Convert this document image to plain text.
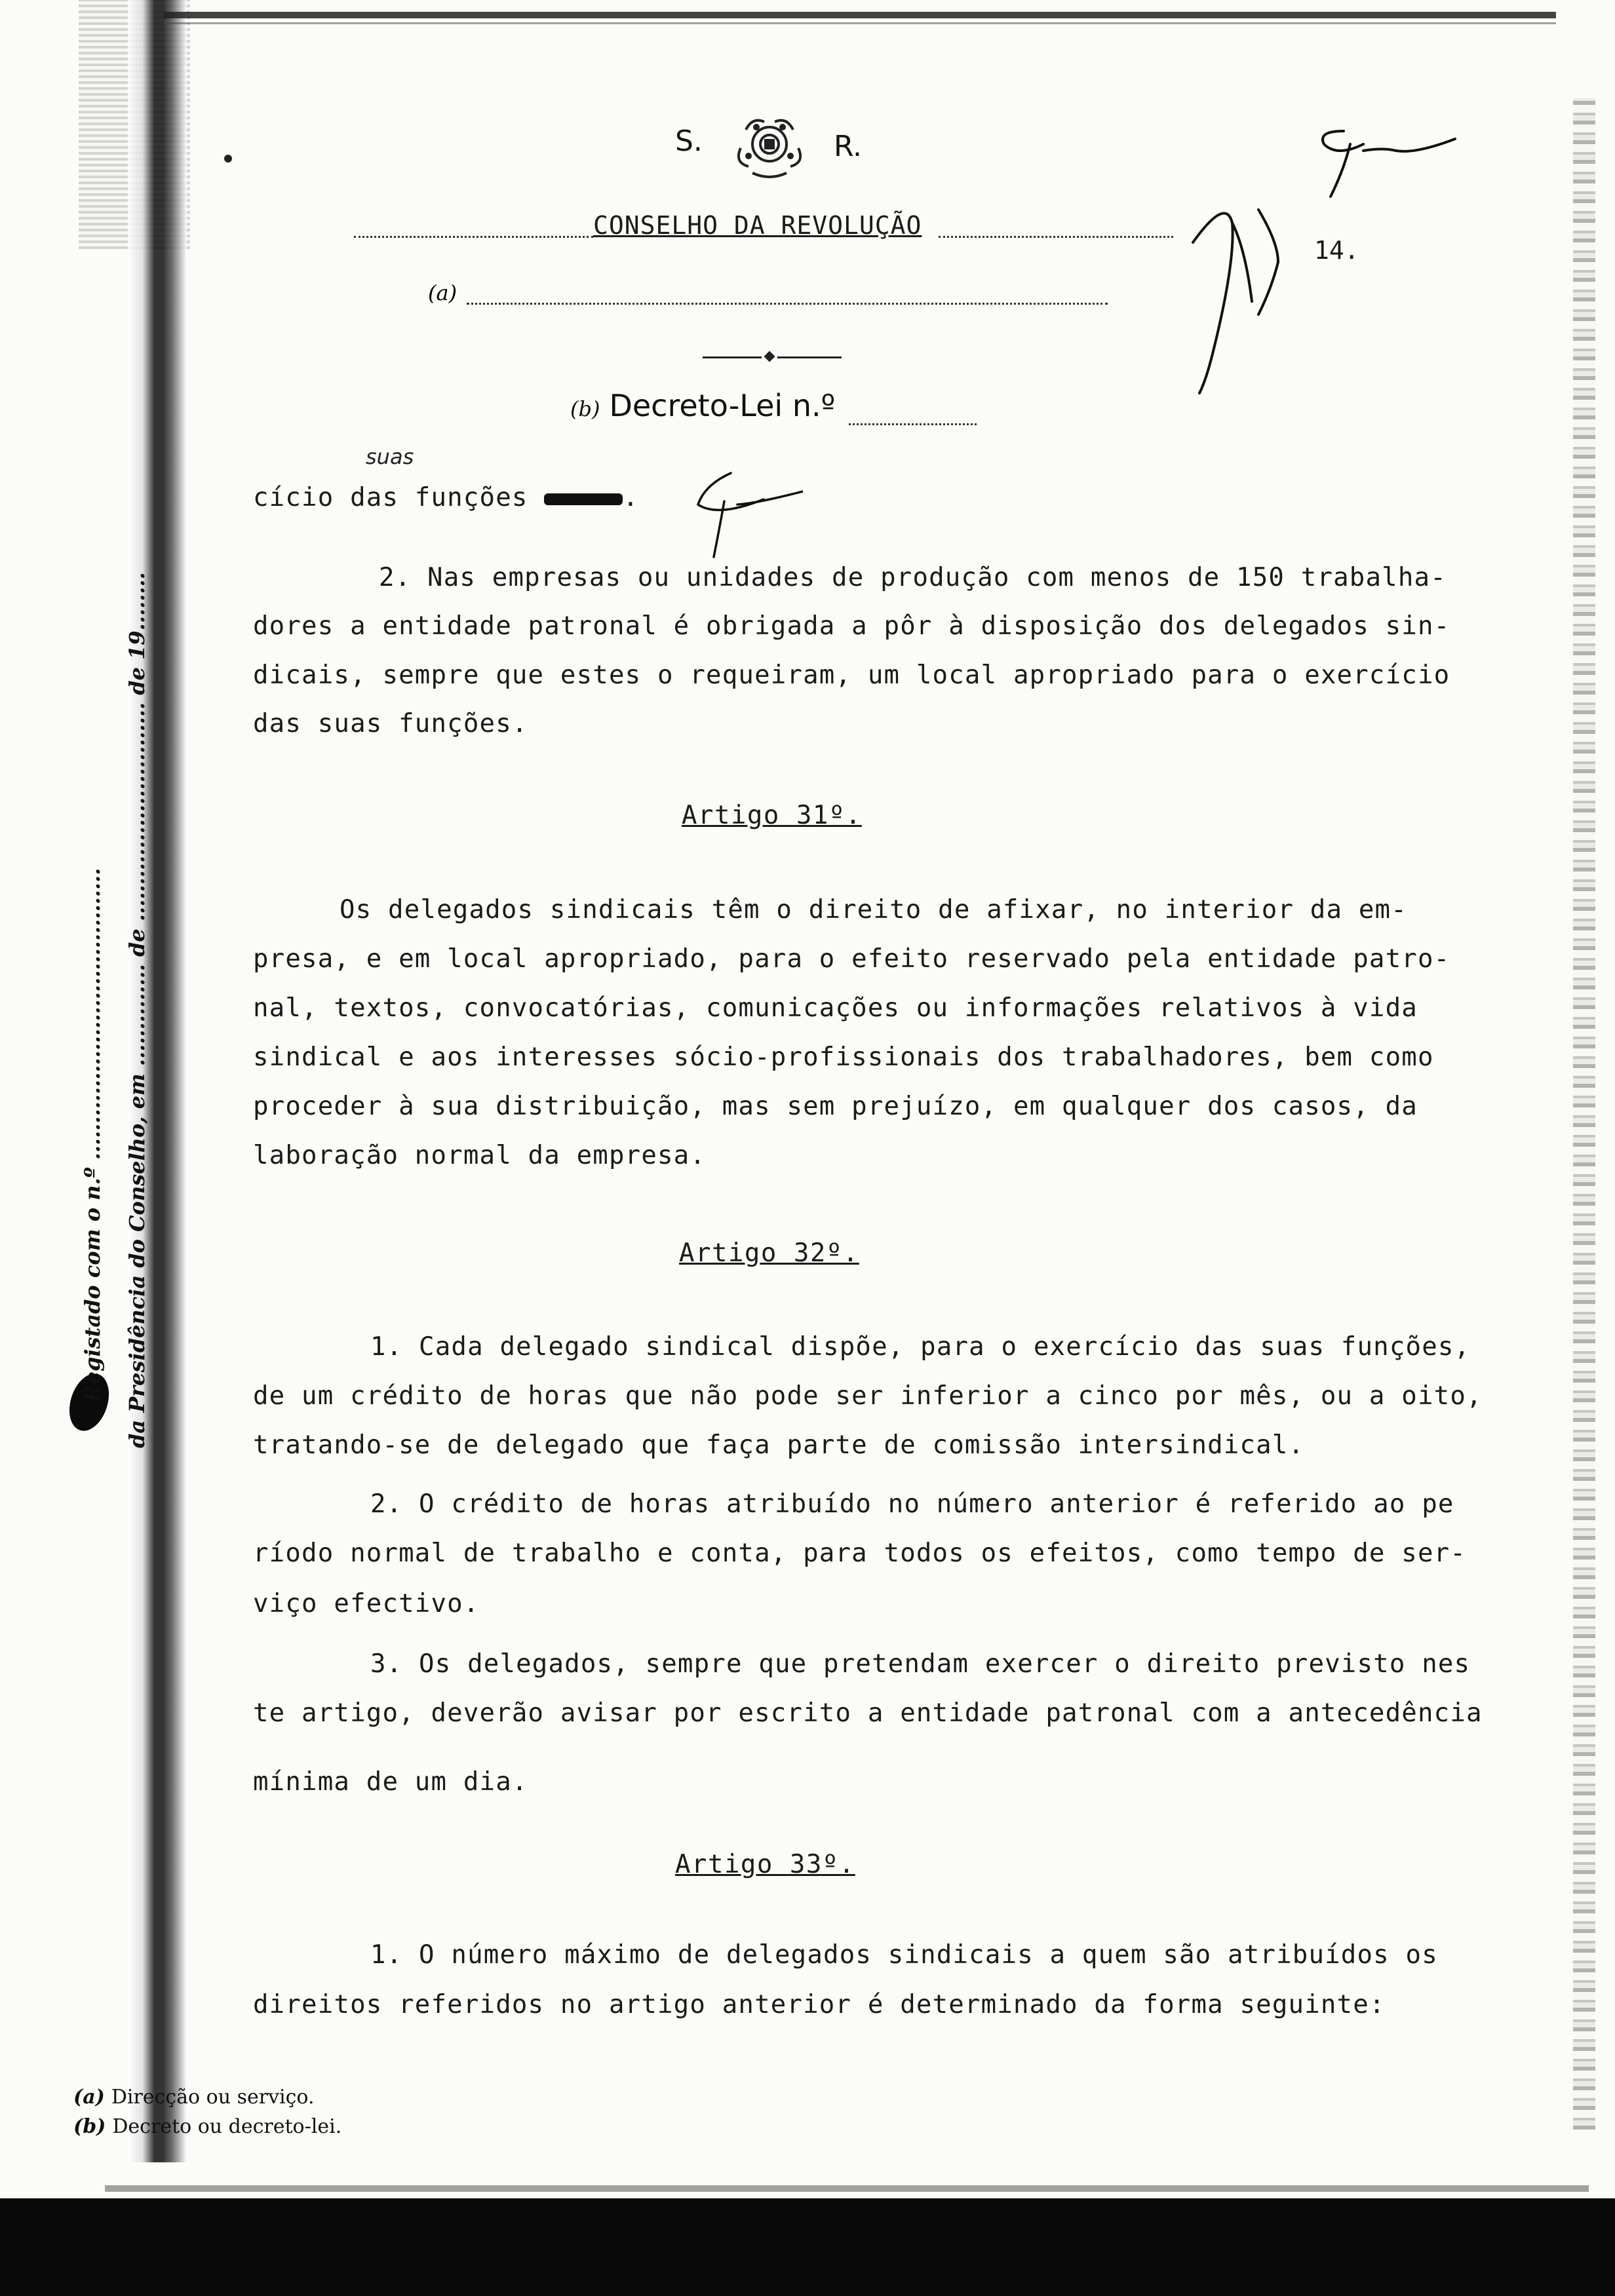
S.	R.
CONSELHO DA REVOLUÇÃO
(a)
(b) Decreto-Lei n.º
14.
suas
cício das funções	.
2. Nas empresas ou unidades de produção com menos de 150 trabalha-
dores a entidade patronal é obrigada a pôr à disposição dos delegados sin-
dicais, sempre que estes o requeiram, um local apropriado para o exercício
das suas funções.
Artigo 31º.
Os delegados sindicais têm o direito de afixar, no interior da em-
presa, e em local apropriado, para o efeito reservado pela entidade patro-
nal, textos, convocatórias, comunicações ou informações relativos à vida
sindical e aos interesses sócio-profissionais dos trabalhadores, bem como
proceder à sua distribuição, mas sem prejuízo, em qualquer dos casos, da
laboração normal da empresa.
Artigo 32º.
1. Cada delegado sindical dispõe, para o exercício das suas funções,
de um crédito de horas que não pode ser inferior a cinco por mês, ou a oito,
tratando-se de delegado que faça parte de comissão intersindical.
2. O crédito de horas atribuído no número anterior é referido ao pe
ríodo normal de trabalho e conta, para todos os efeitos, como tempo de ser-
viço efectivo.
3. Os delegados, sempre que pretendam exercer o direito previsto nes
te artigo, deverão avisar por escrito a entidade patronal com a antecedência
mínima de um dia.
Artigo 33º.
1. O número máximo de delegados sindicais a quem são atribuídos os
direitos referidos no artigo anterior é determinado da forma seguinte:
Registado com o n.º ........................................ da Presidência do Conselho, em .............. de .............................. de 19........
(a) Direcção ou serviço.
(b) Decreto ou decreto-lei.
